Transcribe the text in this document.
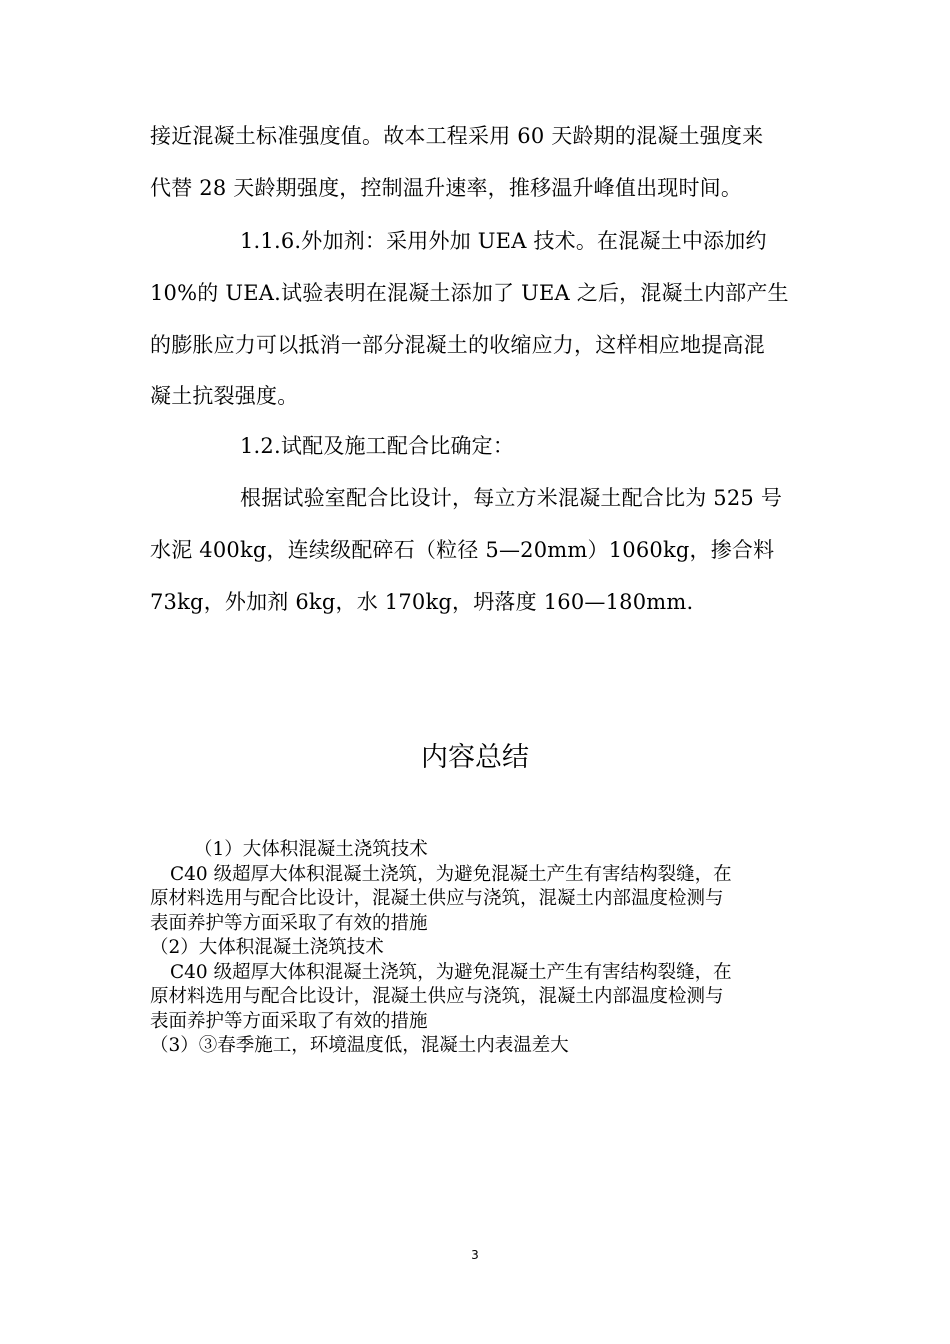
接近混凝土标准强度值。故本工程采用 60 天龄期的混凝土强度来
代替 28 天龄期强度，控制温升速率，推移温升峰值出现时间。
1.1.6.外加剂：采用外加 UEA 技术。在混凝土中添加约
10%的 UEA.试验表明在混凝土添加了 UEA 之后，混凝土内部产生
的膨胀应力可以抵消一部分混凝土的收缩应力，这样相应地提高混
凝土抗裂强度。
1.2.试配及施工配合比确定：
根据试验室配合比设计，每立方米混凝土配合比为 525 号
水泥 400kg，连续级配碎石（粒径 5—20mm）1060kg，掺合料
73kg，外加剂 6kg，水 170kg，坍落度 160—180mm.
内容总结
（1）大体积混凝土浇筑技术
C40 级超厚大体积混凝土浇筑，为避免混凝土产生有害结构裂缝，在
原材料选用与配合比设计，混凝土供应与浇筑，混凝土内部温度检测与
表面养护等方面采取了有效的措施
（2）大体积混凝土浇筑技术
C40 级超厚大体积混凝土浇筑，为避免混凝土产生有害结构裂缝，在
原材料选用与配合比设计，混凝土供应与浇筑，混凝土内部温度检测与
表面养护等方面采取了有效的措施
（3）③春季施工，环境温度低，混凝土内表温差大
3
